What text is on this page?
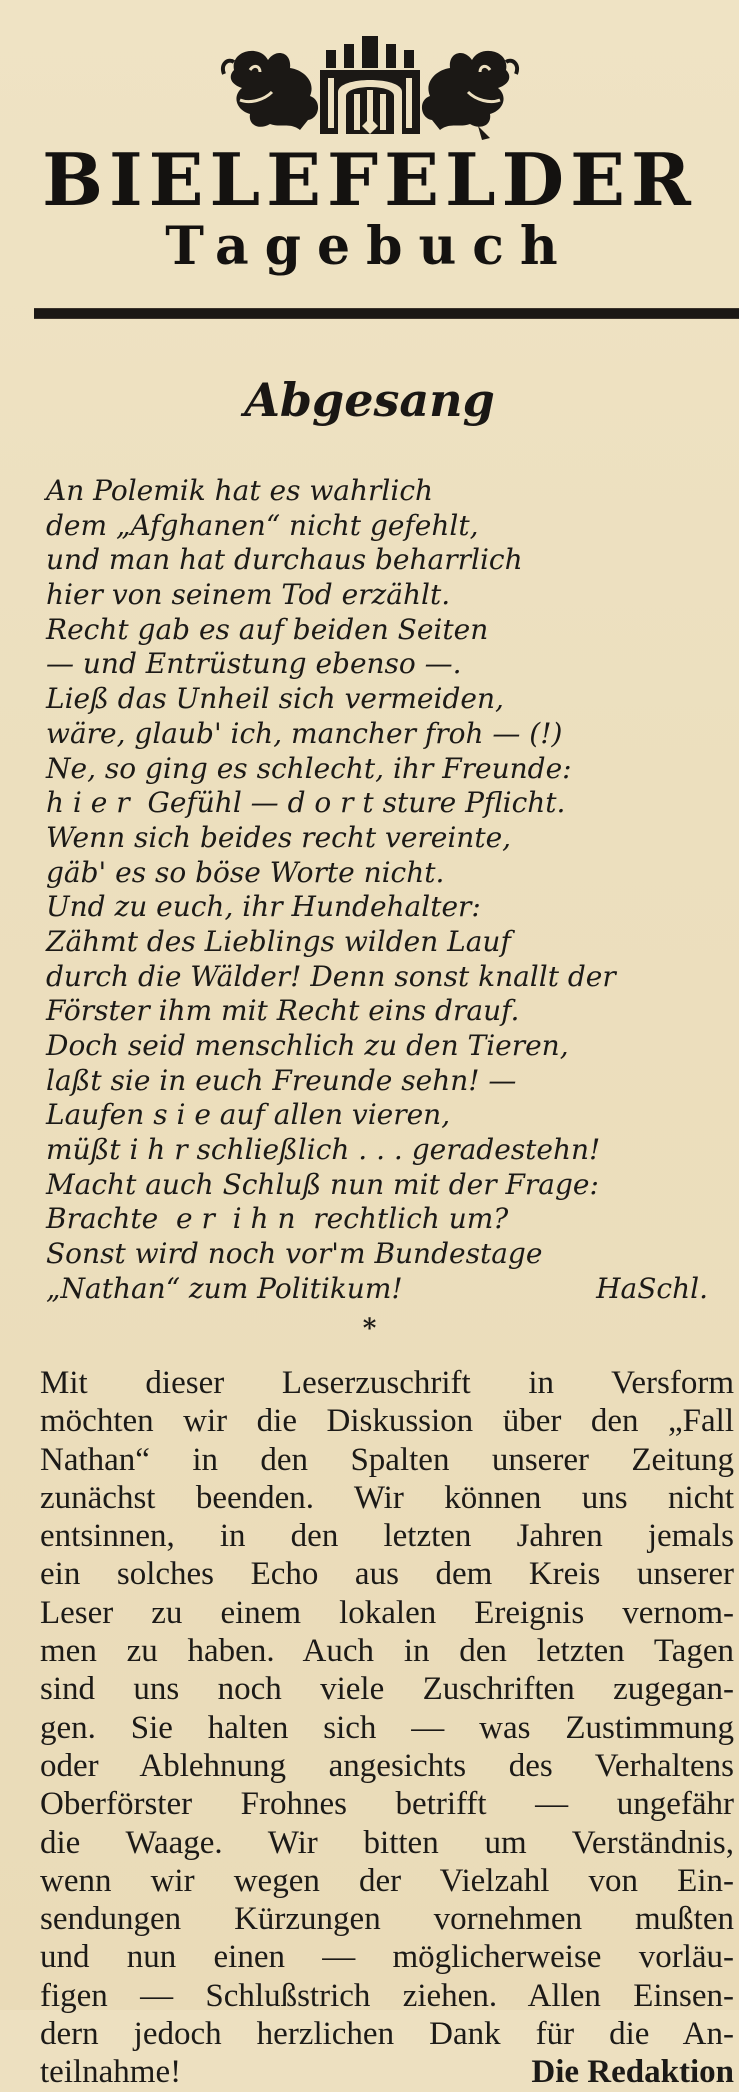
BIELEFELDER
Tagebuch
Abgesang
An Polemik hat es wahrlich
dem „Afghanen“ nicht gefehlt,
und man hat durchaus beharrlich
hier von seinem Tod erzählt.
Recht gab es auf beiden Seiten
— und Entrüstung ebenso —.
Ließ das Unheil sich vermeiden,
wäre, glaub' ich, mancher froh — (!)
Ne, so ging es schlecht, ihr Freunde:
h i e r  Gefühl — d o r t sture Pflicht.
Wenn sich beides recht vereinte,
gäb' es so böse Worte nicht.
Und zu euch, ihr Hundehalter:
Zähmt des Lieblings wilden Lauf
durch die Wälder! Denn sonst knallt der
Förster ihm mit Recht eins drauf.
Doch seid menschlich zu den Tieren,
laßt sie in euch Freunde sehn! —
Laufen s i e auf allen vieren,
müßt i h r schließlich . . . geradestehn!
Macht auch Schluß nun mit der Frage:
Brachte  e r  i h n  rechtlich um?
Sonst wird noch vor'm Bundestage
„Nathan“ zum Politikum!	HaSchl.
*
Mit dieser Leserzuschrift in Versform
möchten wir die Diskussion über den „Fall
Nathan“ in den Spalten unserer Zeitung
zunächst beenden. Wir können uns nicht
entsinnen, in den letzten Jahren jemals
ein solches Echo aus dem Kreis unserer
Leser zu einem lokalen Ereignis vernom-
men zu haben. Auch in den letzten Tagen
sind uns noch viele Zuschriften zugegan-
gen. Sie halten sich — was Zustimmung
oder Ablehnung angesichts des Verhaltens
Oberförster Frohnes betrifft — ungefähr
die Waage. Wir bitten um Verständnis,
wenn wir wegen der Vielzahl von Ein-
sendungen Kürzungen vornehmen mußten
und nun einen — möglicherweise vorläu-
figen — Schlußstrich ziehen. Allen Einsen-
dern jedoch herzlichen Dank für die An-
teilnahme!	Die Redaktion
